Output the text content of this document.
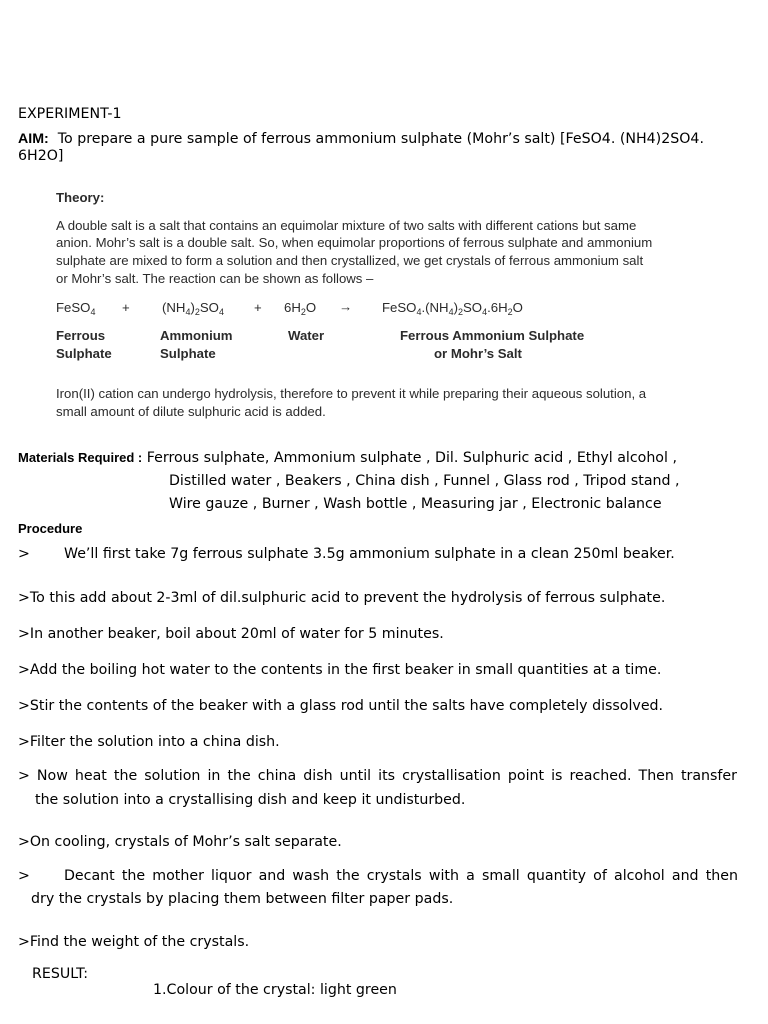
EXPERIMENT-1
AIM: To prepare a pure sample of ferrous ammonium sulphate (Mohr’s salt) [FeSO4. (NH4)2SO4.
6H2O]
Theory:
A double salt is a salt that contains an equimolar mixture of two salts with different cations but same
anion. Mohr’s salt is a double salt. So, when equimolar proportions of ferrous sulphate and ammonium
sulphate are mixed to form a solution and then crystallized, we get crystals of ferrous ammonium salt
or Mohr’s salt. The reaction can be shown as follows –
FeSO$_4$ + $(NH_4)_2SO_4 + 6H_2O$ → $FeSO_4.(NH_4)_2SO_4.6H_2O$
Ferrous
Sulphate
Ammonium
Sulphate
Water	Ferrous Ammonium Sulphate
or Mohr’s Salt
Iron(II) cation can undergo hydrolysis, therefore to prevent it while preparing their aqueous solution, a
small amount of dilute sulphuric acid is added.
Materials Required : Ferrous sulphate, Ammonium sulphate , Dil. Sulphuric acid , Ethyl alcohol ,
Distilled water , Beakers , China dish , Funnel , Glass rod , Tripod stand ,
Wire gauze , Burner , Wash bottle , Measuring jar , Electronic balance
Procedure
> We’ll first take 7g ferrous sulphate 3.5g ammonium sulphate in a clean 250ml beaker.
>To this add about 2-3ml of dil.sulphuric acid to prevent the hydrolysis of ferrous sulphate.
>In another beaker, boil about 20ml of water for 5 minutes.
>Add the boiling hot water to the contents in the first beaker in small quantities at a time.
>Stir the contents of the beaker with a glass rod until the salts have completely dissolved.
>Filter the solution into a china dish.
> Now heat the solution in the china dish until its crystallisation point is reached. Then transfer
the solution into a crystallising dish and keep it undisturbed.
>On cooling, crystals of Mohr’s salt separate.
> Decant the mother liquor and wash the crystals with a small quantity of alcohol and then
dry the crystals by placing them between filter paper pads.
>Find the weight of the crystals.
RESULT:
1.Colour of the crystal: light green
